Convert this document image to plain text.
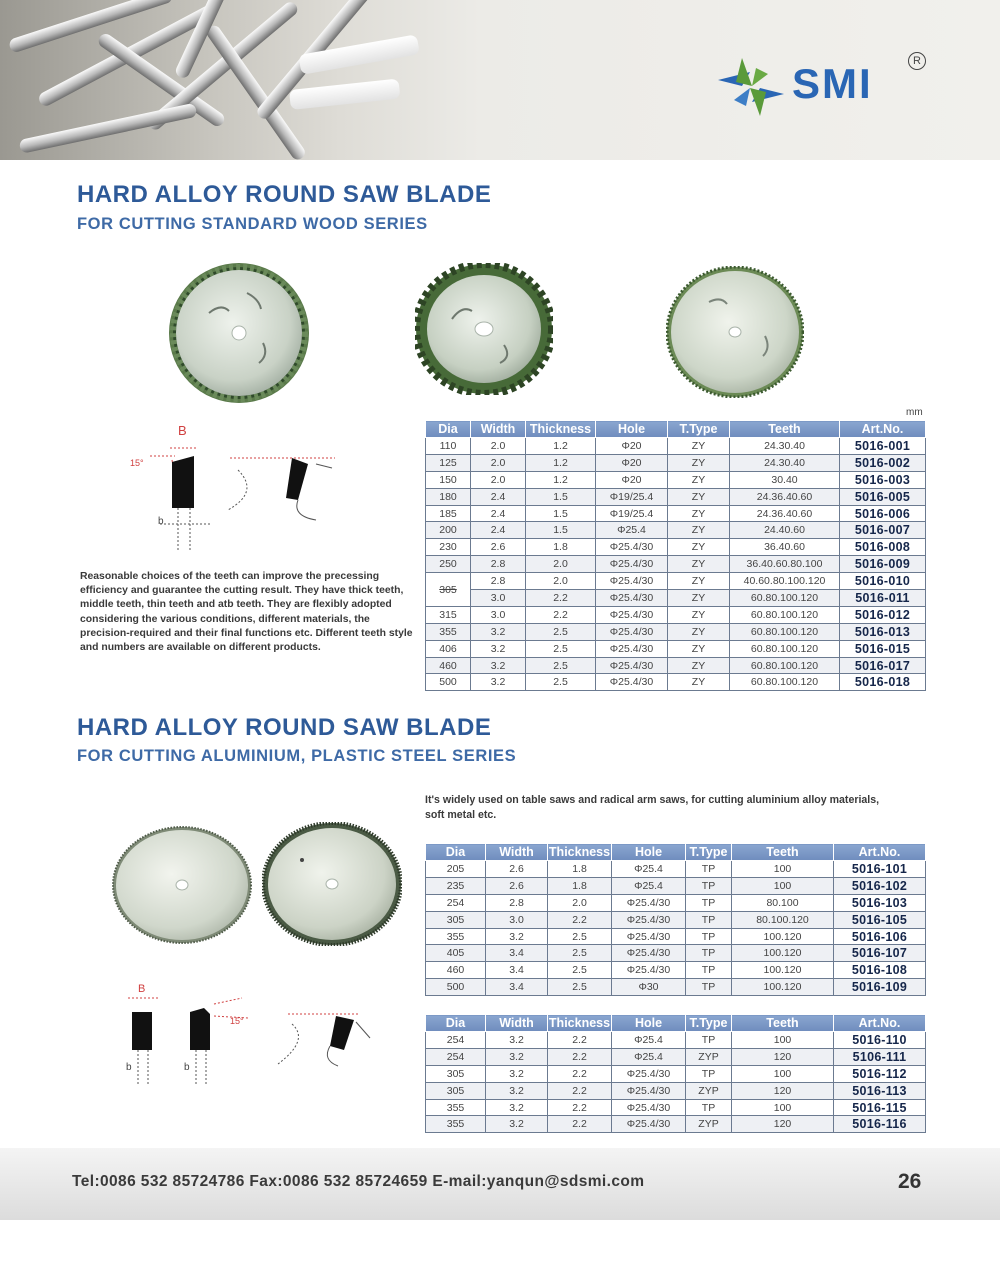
SMI	R
HARD ALLOY ROUND SAW BLADE
FOR CUTTING STANDARD WOOD SERIES
B
15°
b

Reasonable choices of the teeth can improve the precessing efficiency and guarantee the cutting result. They have thick teeth, middle teeth, thin teeth and atb teeth. They are flexibly adopted considering the various conditions, different materials, the precision-required and their final functions etc. Different teeth style and numbers are available on different products.

mm
Dia	Width	Thickness	Hole	T.Type	Teeth	Art.No.
110	2.0	1.2	Φ20	ZY	24.30.40	5016-001
125	2.0	1.2	Φ20	ZY	24.30.40	5016-002
150	2.0	1.2	Φ20	ZY	30.40	5016-003
180	2.4	1.5	Φ19/25.4	ZY	24.36.40.60	5016-005
185	2.4	1.5	Φ19/25.4	ZY	24.36.40.60	5016-006
200	2.4	1.5	Φ25.4	ZY	24.40.60	5016-007
230	2.6	1.8	Φ25.4/30	ZY	36.40.60	5016-008
250	2.8	2.0	Φ25.4/30	ZY	36.40.60.80.100	5016-009
305	2.8	2.0	Φ25.4/30	ZY	40.60.80.100.120	5016-010
	3.0	2.2	Φ25.4/30	ZY	60.80.100.120	5016-011
315	3.0	2.2	Φ25.4/30	ZY	60.80.100.120	5016-012
355	3.2	2.5	Φ25.4/30	ZY	60.80.100.120	5016-013
406	3.2	2.5	Φ25.4/30	ZY	60.80.100.120	5016-015
460	3.2	2.5	Φ25.4/30	ZY	60.80.100.120	5016-017
500	3.2	2.5	Φ25.4/30	ZY	60.80.100.120	5016-018
HARD ALLOY ROUND SAW BLADE
FOR CUTTING ALUMINIUM, PLASTIC STEEL SERIES

It's widely used on table saws and radical arm saws, for cutting aluminium alloy materials, soft metal etc.

B
b	b
15°
Dia	Width	Thickness	Hole	T.Type	Teeth	Art.No.
205	2.6	1.8	Φ25.4	TP	100	5016-101
235	2.6	1.8	Φ25.4	TP	100	5016-102
254	2.8	2.0	Φ25.4/30	TP	80.100	5016-103
305	3.0	2.2	Φ25.4/30	TP	80.100.120	5016-105
355	3.2	2.5	Φ25.4/30	TP	100.120	5016-106
405	3.4	2.5	Φ25.4/30	TP	100.120	5016-107
460	3.4	2.5	Φ25.4/30	TP	100.120	5016-108
500	3.4	2.5	Φ30	TP	100.120	5016-109
Dia	Width	Thickness	Hole	T.Type	Teeth	Art.No.
254	3.2	2.2	Φ25.4	TP	100	5016-110
254	3.2	2.2	Φ25.4	ZYP	120	5106-111
305	3.2	2.2	Φ25.4/30	TP	100	5016-112
305	3.2	2.2	Φ25.4/30	ZYP	120	5016-113
355	3.2	2.2	Φ25.4/30	TP	100	5016-115
355	3.2	2.2	Φ25.4/30	ZYP	120	5016-116

Tel:0086 532 85724786 Fax:0086 532 85724659 E-mail:yanqun@sdsmi.com	26
